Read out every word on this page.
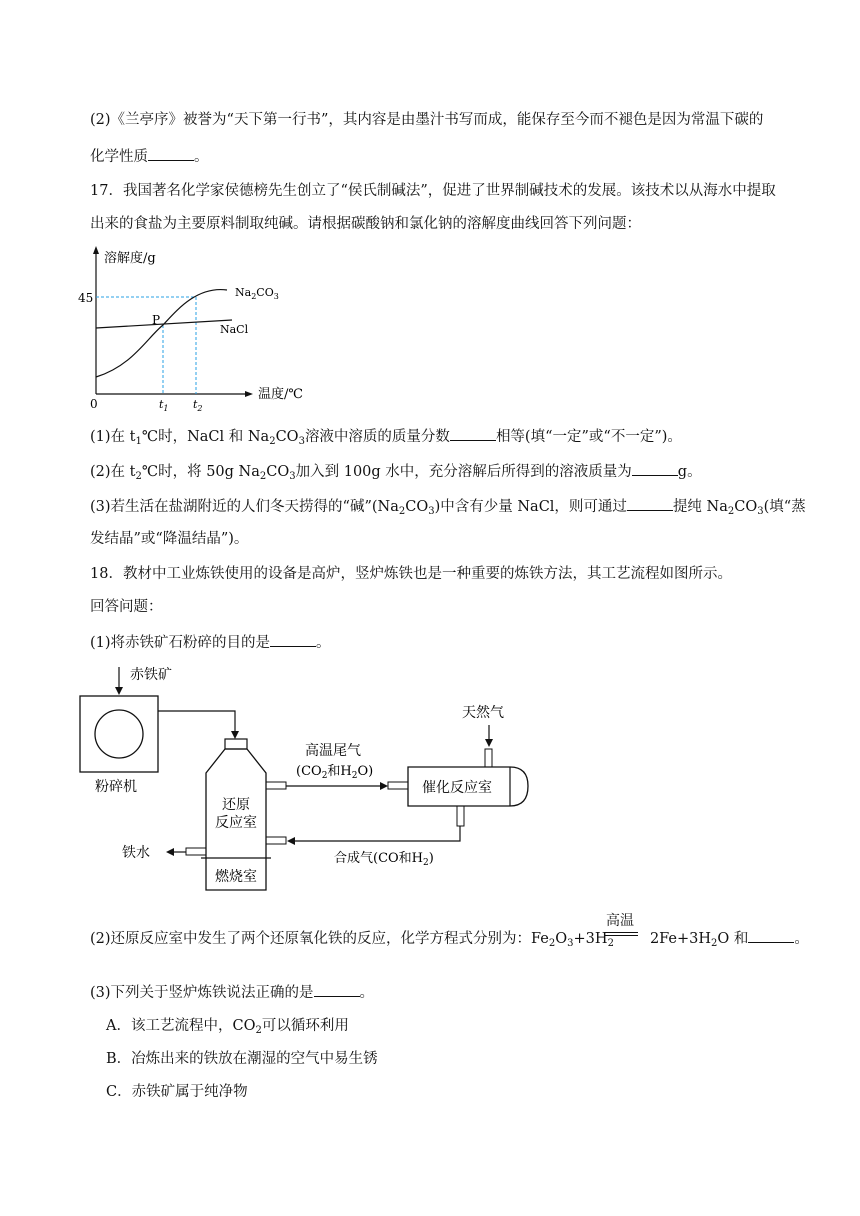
(2)《兰亭序》被誉为“天下第一行书”，其内容是由墨汁书写而成，能保存至今而不褪色是因为常温下碳的
化学性质	。
17．我国著名化学家侯德榜先生创立了“侯氏制碱法”，促进了世界制碱技术的发展。该技术以从海水中提取
出来的食盐为主要原料制取纯碱。请根据碳酸钠和氯化钠的溶解度曲线回答下列问题：
溶解度/g
温度/℃
0
45
P
$Na_2CO_3$
NaCl
$t_1$ $t_2$
(1)在 $t_1℃$时，NaCl 和 $Na_2CO_3$溶液中溶质的质量分数	相等(填“一定”或“不一定”)。
(2)在 $t_2℃$时，将 50g $Na_2CO_3$加入到 100g 水中，充分溶解后所得到的溶液质量为	g。
(3)若生活在盐湖附近的人们冬天捞得的“碱$”(Na_2CO_3)$中含有少量 NaCl，则可通过	提纯 $Na_2CO_3$(填“蒸
发结晶”或“降温结晶”)。
18．教材中工业炼铁使用的设备是高炉，竖炉炼铁也是一种重要的炼铁方法，其工艺流程如图所示。
回答问题：
(1)将赤铁矿石粉碎的目的是	。
赤铁矿
粉碎机
还原
反应室
燃烧室
铁水
高温尾气
($CO_2$和$H_2O$)
催化反应室
天然气
合成气(CO和$H_2$)
高温
(2)还原反应室中发生了两个还原氧化铁的反应，化学方程式分别为：$Fe_2O_3+3H_2$ $2Fe+3H_2O$ 和	。
(3)下列关于竖炉炼铁说法正确的是	。
A．该工艺流程中，$CO_2$可以循环利用
B．冶炼出来的铁放在潮湿的空气中易生锈
C．赤铁矿属于纯净物
